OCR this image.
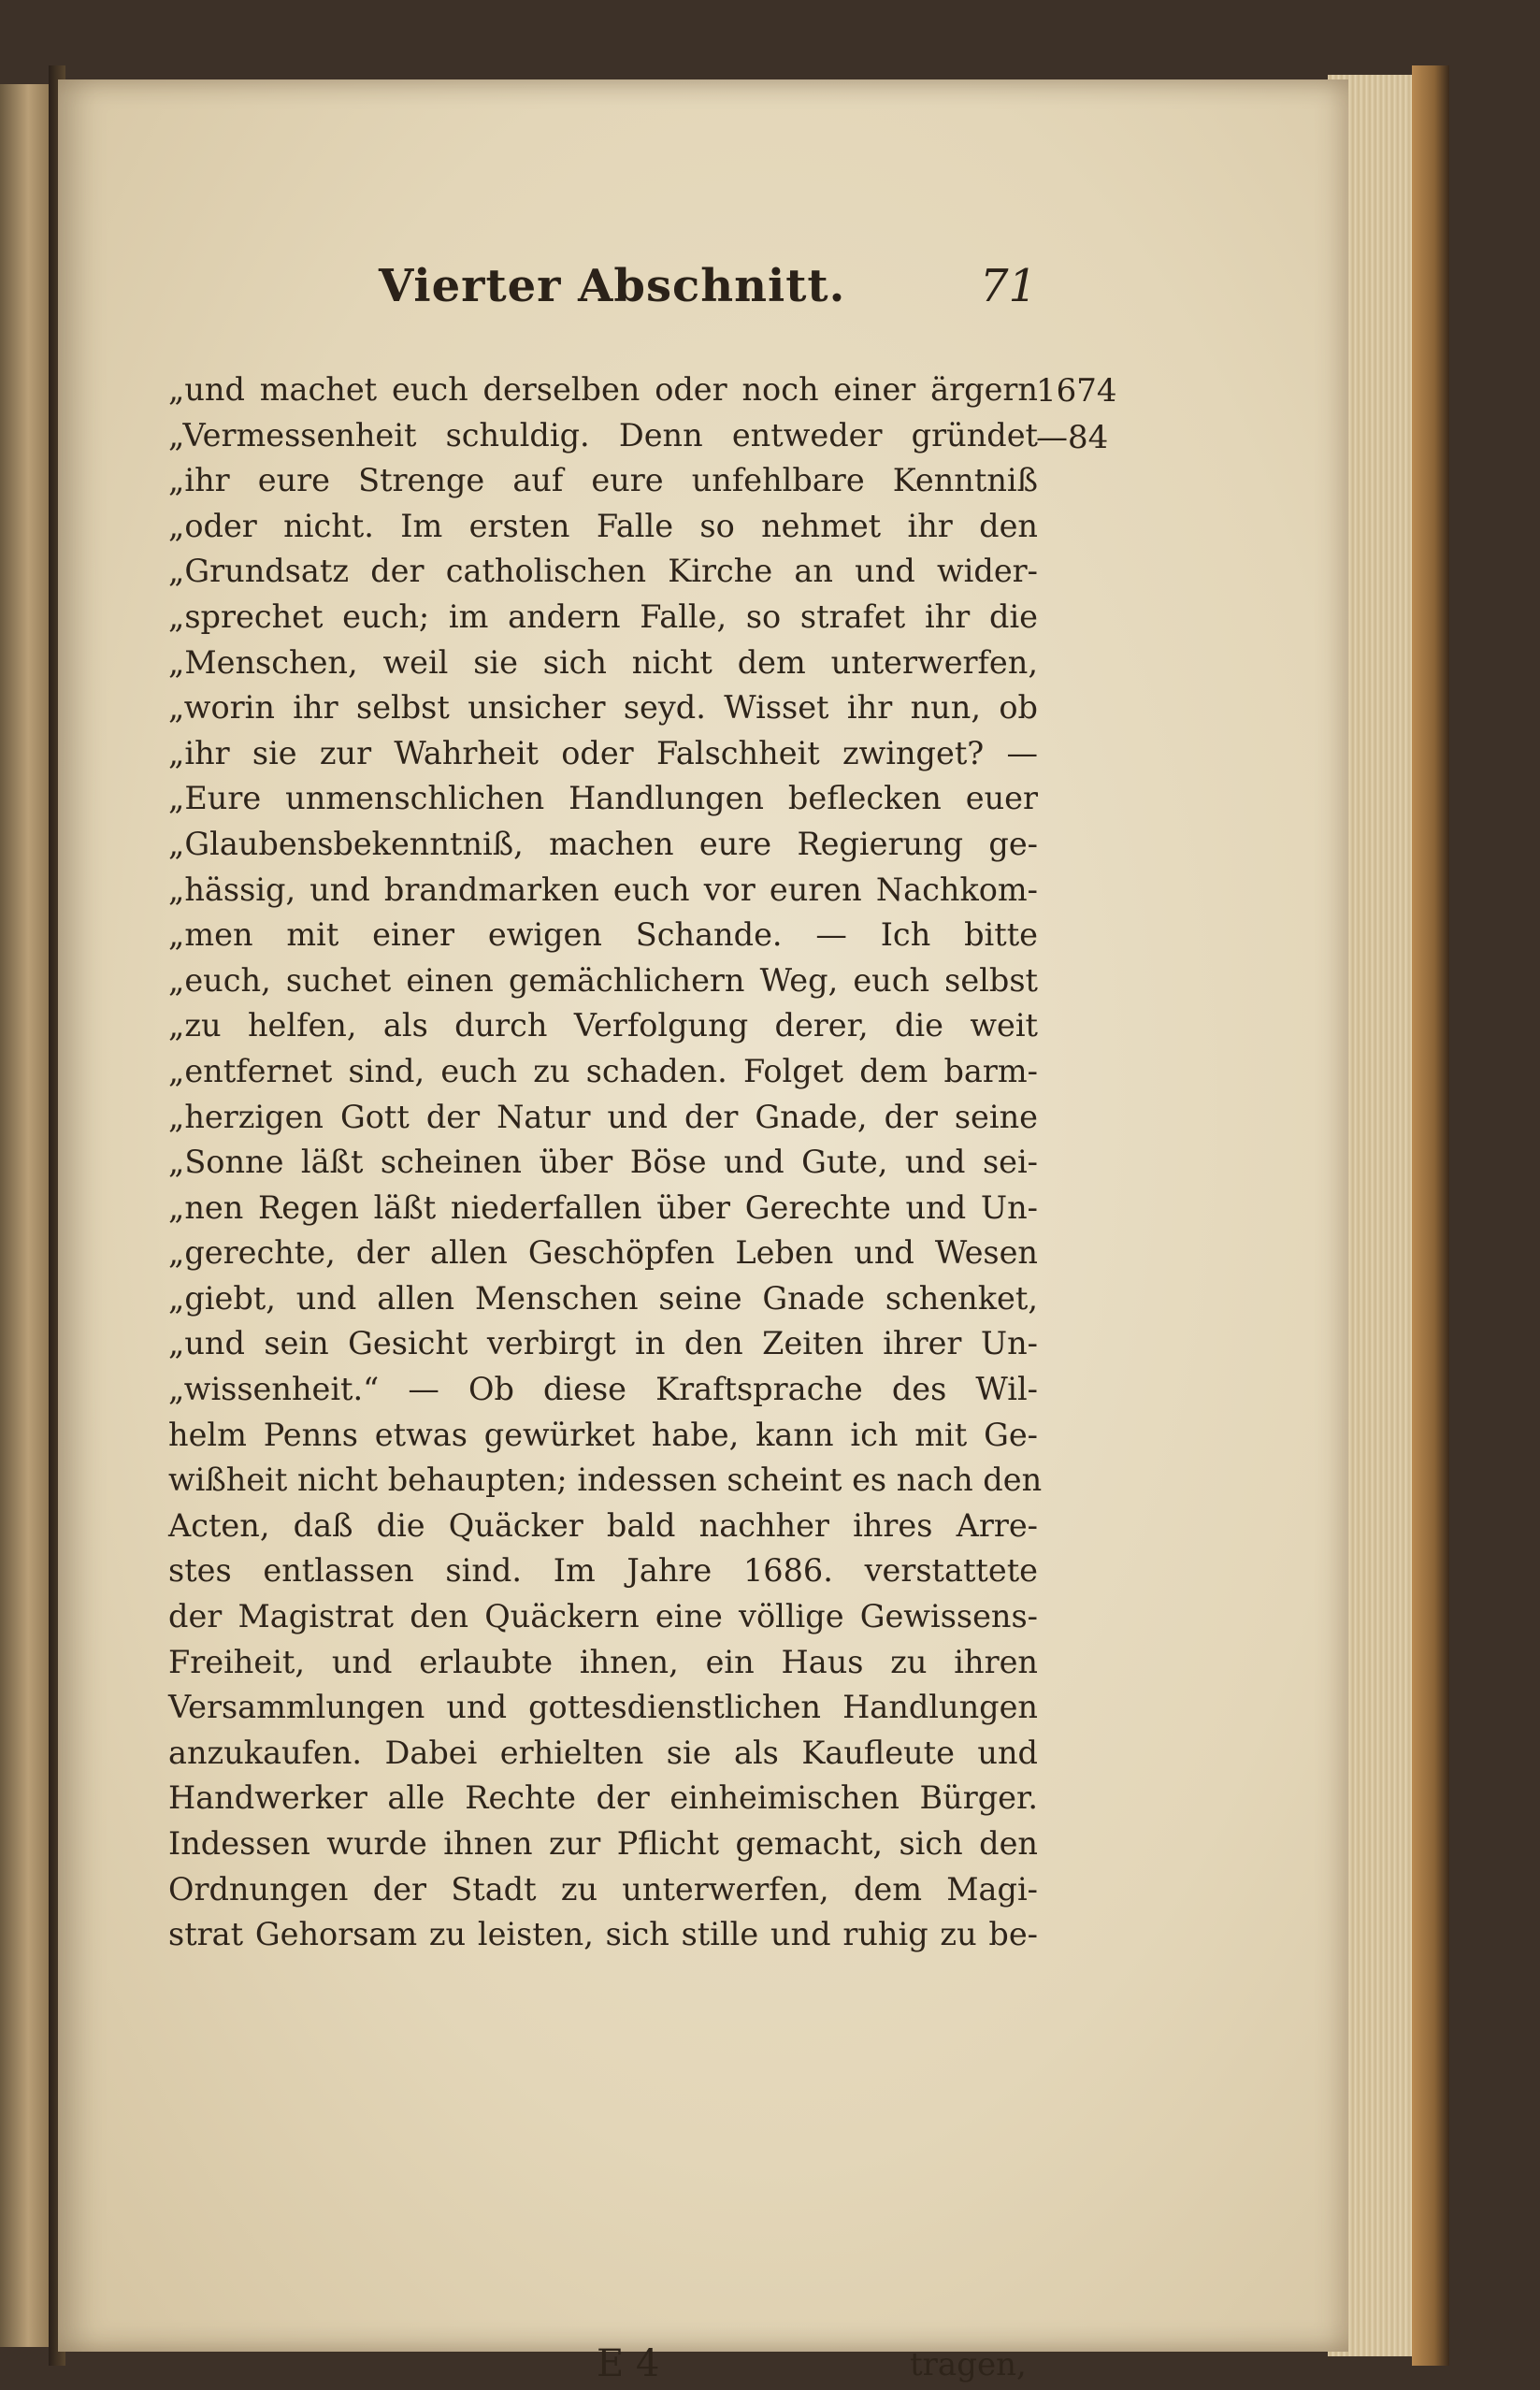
Vierter Abschnitt.	71
1674
—84
„und machet euch derselben oder noch einer ärgern
„Vermessenheit schuldig. Denn entweder gründet
„ihr eure Strenge auf eure unfehlbare Kenntniß
„oder nicht. Im ersten Falle so nehmet ihr den
„Grundsatz der catholischen Kirche an und wider-
„sprechet euch; im andern Falle, so strafet ihr die
„Menschen, weil sie sich nicht dem unterwerfen,
„worin ihr selbst unsicher seyd. Wisset ihr nun, ob
„ihr sie zur Wahrheit oder Falschheit zwinget? —
„Eure unmenschlichen Handlungen beflecken euer
„Glaubensbekenntniß, machen eure Regierung ge-
„hässig, und brandmarken euch vor euren Nachkom-
„men mit einer ewigen Schande. — Ich bitte
„euch, suchet einen gemächlichern Weg, euch selbst
„zu helfen, als durch Verfolgung derer, die weit
„entfernet sind, euch zu schaden. Folget dem barm-
„herzigen Gott der Natur und der Gnade, der seine
„Sonne läßt scheinen über Böse und Gute, und sei-
„nen Regen läßt niederfallen über Gerechte und Un-
„gerechte, der allen Geschöpfen Leben und Wesen
„giebt, und allen Menschen seine Gnade schenket,
„und sein Gesicht verbirgt in den Zeiten ihrer Un-
„wissenheit.“ — Ob diese Kraftsprache des Wil-
helm Penns etwas gewürket habe, kann ich mit Ge-
wißheit nicht behaupten; indessen scheint es nach den
Acten, daß die Quäcker bald nachher ihres Arre-
stes entlassen sind. Im Jahre 1686. verstattete
der Magistrat den Quäckern eine völlige Gewissens-
Freiheit, und erlaubte ihnen, ein Haus zu ihren
Versammlungen und gottesdienstlichen Handlungen
anzukaufen. Dabei erhielten sie als Kaufleute und
Handwerker alle Rechte der einheimischen Bürger.
Indessen wurde ihnen zur Pflicht gemacht, sich den
Ordnungen der Stadt zu unterwerfen, dem Magi-
strat Gehorsam zu leisten, sich stille und ruhig zu be-
E 4	tragen,
